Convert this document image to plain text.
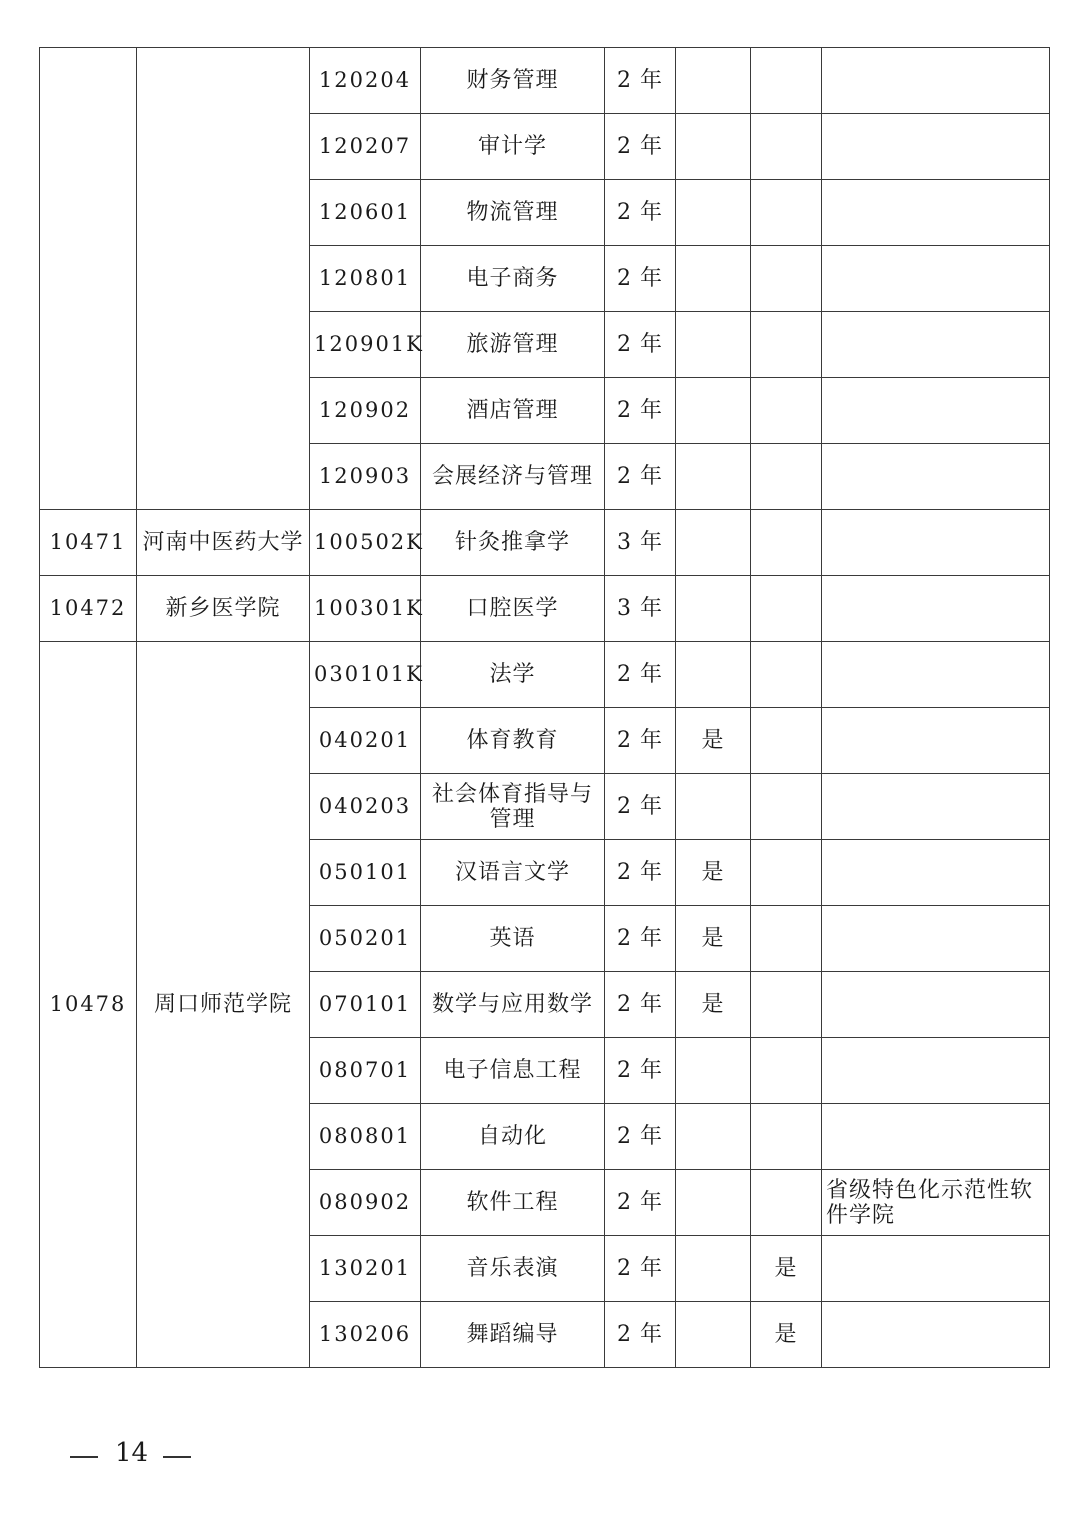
		120204	财务管理	2 年			
		120207	审计学	2 年			
		120601	物流管理	2 年			
		120801	电子商务	2 年			
		120901K	旅游管理	2 年			
		120902	酒店管理	2 年			
		120903	会展经济与管理	2 年			
10471	河南中医药大学	100502K	针灸推拿学	3 年			
10472	新乡医学院	100301K	口腔医学	3 年			
10478	周口师范学院	030101K	法学	2 年			
		040201	体育教育	2 年	是		
		040203	社会体育指导与管理	2 年			
		050101	汉语言文学	2 年	是		
		050201	英语	2 年	是		
		070101	数学与应用数学	2 年	是		
		080701	电子信息工程	2 年			
		080801	自动化	2 年			
		080902	软件工程	2 年			省级特色化示范性软件学院
		130201	音乐表演	2 年		是	
		130206	舞蹈编导	2 年		是	
14
